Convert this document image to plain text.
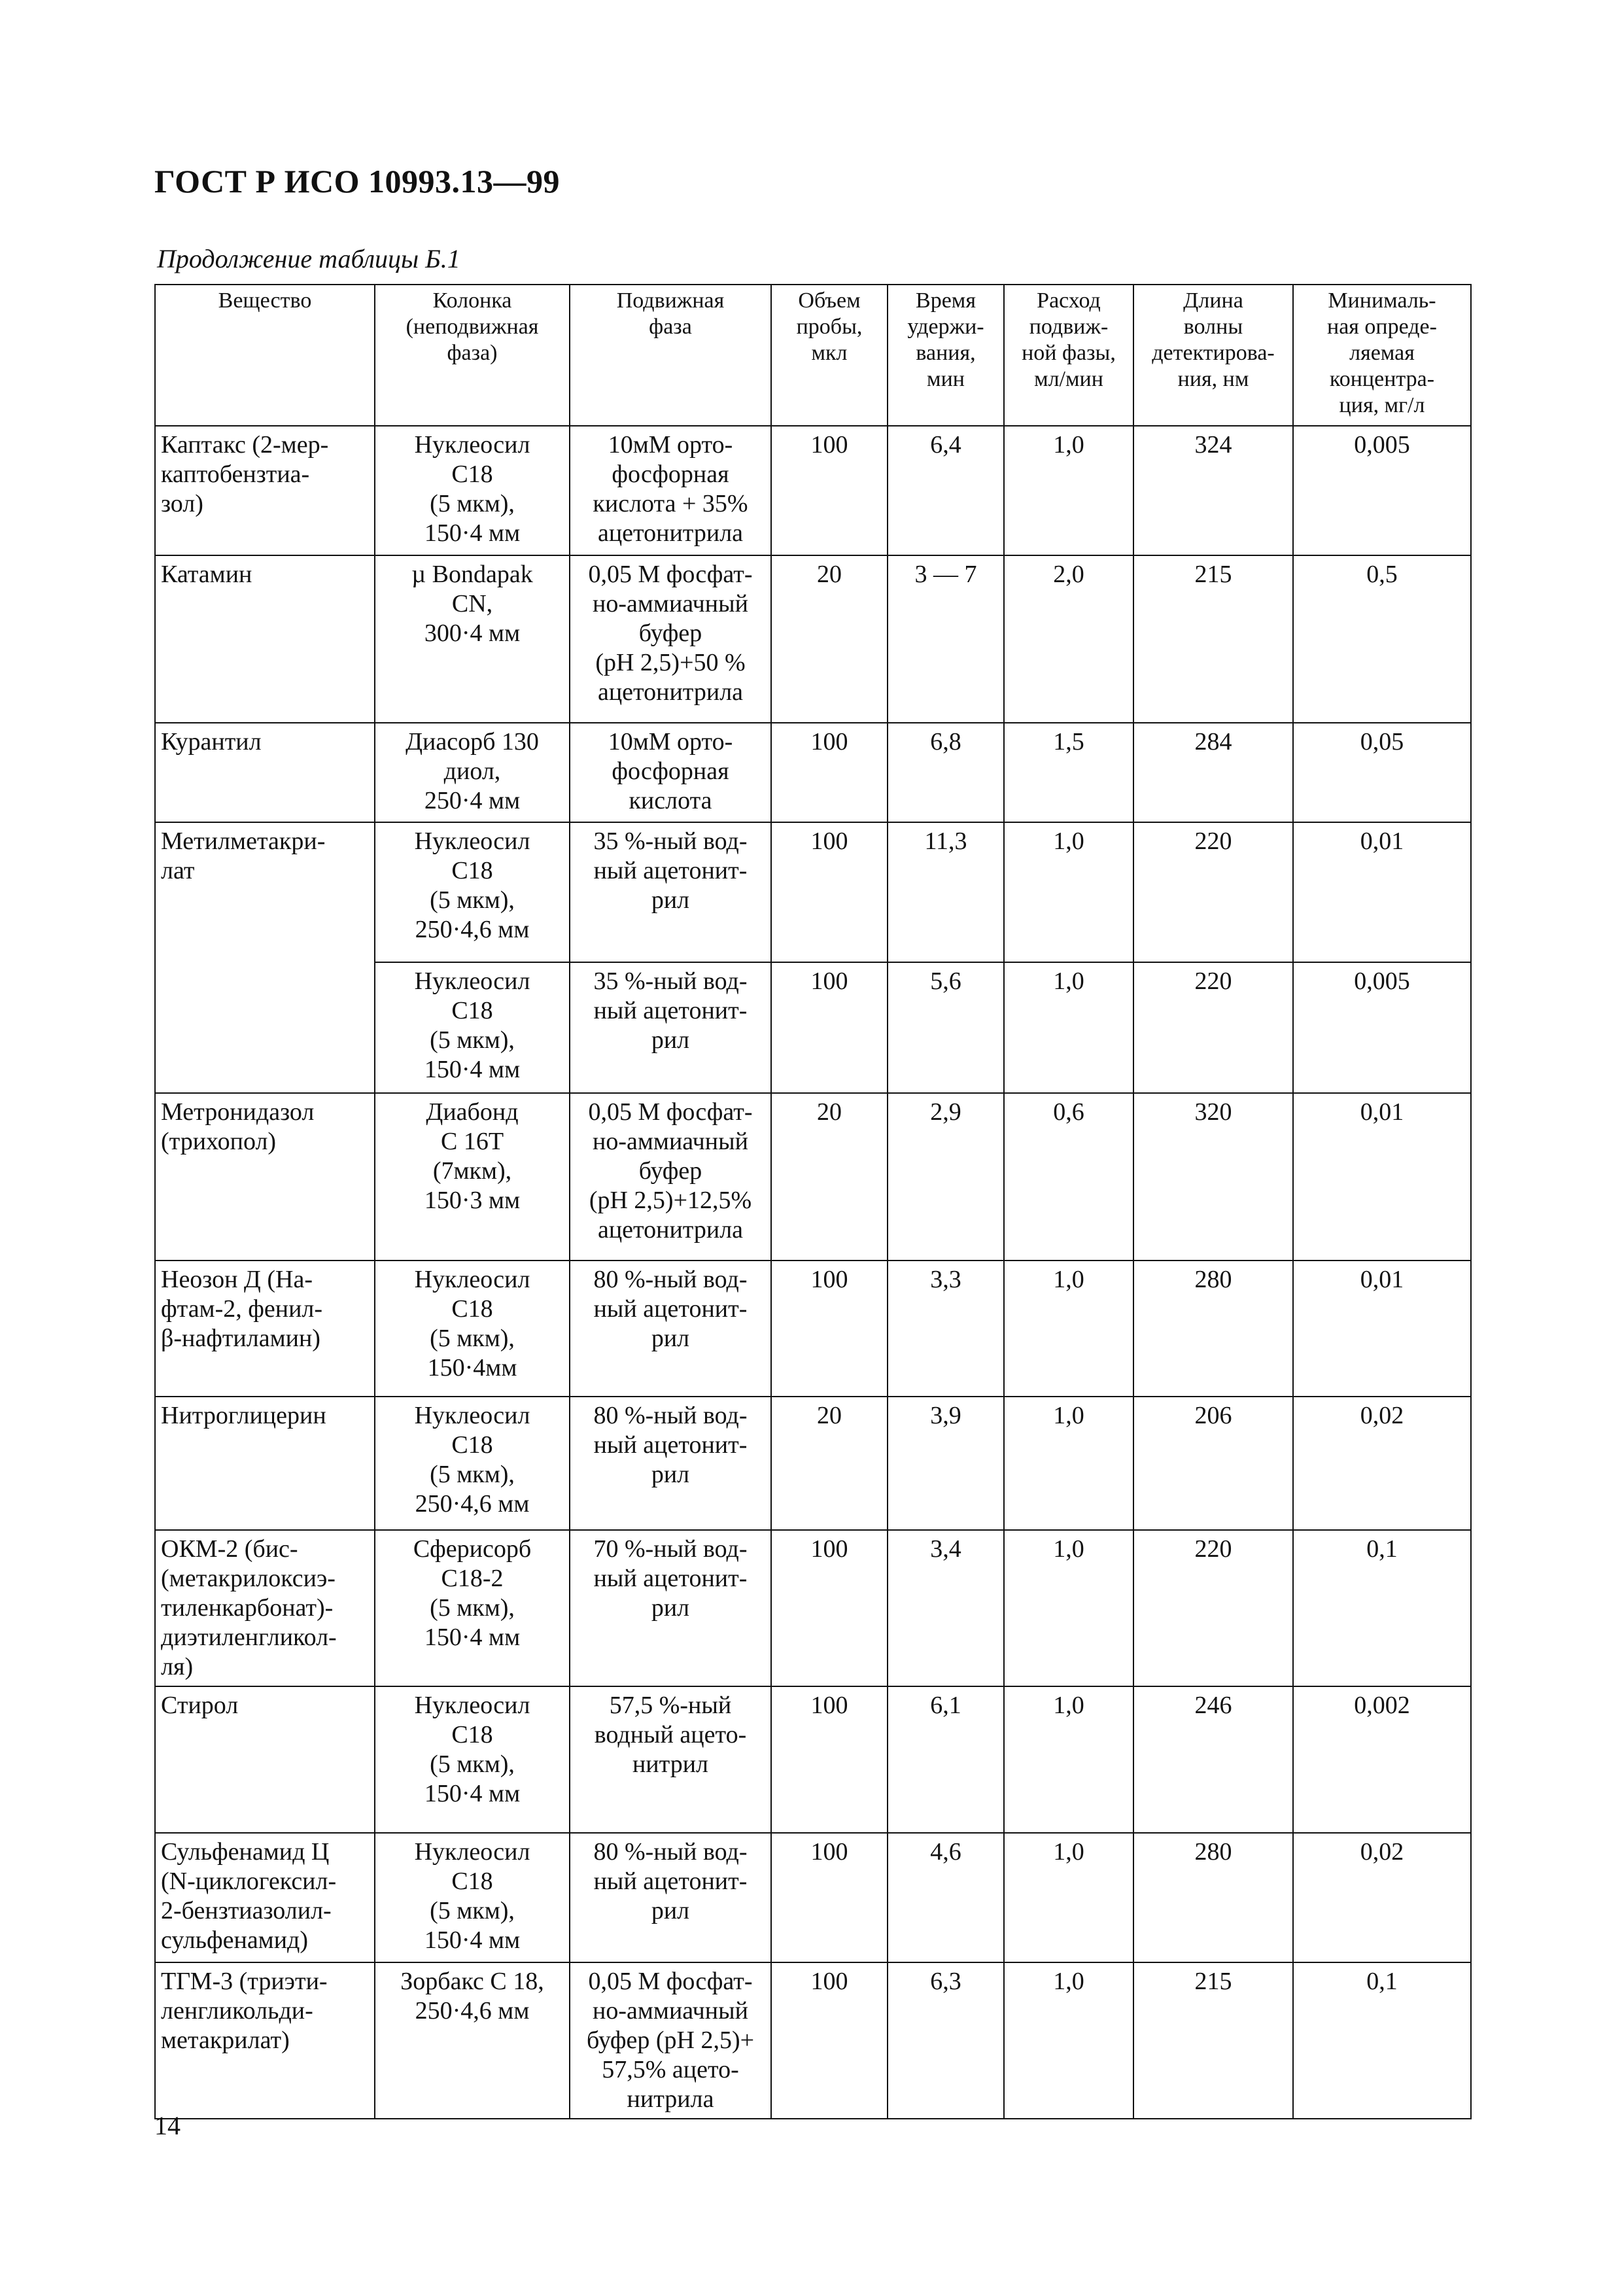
ГОСТ Р ИСО 10993.13—99
Продолжение таблицы Б.1
Вещество	Колонка
(неподвижная
фаза)	Подвижная
фаза	Объем
пробы,
мкл	Время
удержи-
вания,
мин	Расход
подвиж-
ной фазы,
мл/мин	Длина
волны
детектирова-
ния, нм	Минималь-
ная опреде-
ляемая
концентра-
ция, мг/л
Каптакс (2-мер-
каптобензтиа-
зол)	Нуклеосил
С18
(5 мкм),
150·4 мм	10мМ орто-
фосфорная
кислота + 35%
ацетонитрила	100	6,4	1,0	324	0,005
Катамин	µ Bondapak
CN,
300·4 мм	0,05 М фосфат-
но-аммиачный
буфер
(рН 2,5)+50 %
ацетонитрила	20	3 — 7	2,0	215	0,5
Курантил	Диасорб 130
диол,
250·4 мм	10мМ орто-
фосфорная
кислота	100	6,8	1,5	284	0,05
Метилметакри-
лат	Нуклеосил
С18
(5 мкм),
250·4,6 мм	35 %-ный вод-
ный ацетонит-
рил	100	11,3	1,0	220	0,01
	Нуклеосил
С18
(5 мкм),
150·4 мм	35 %-ный вод-
ный ацетонит-
рил	100	5,6	1,0	220	0,005
Метронидазол
(трихопол)	Диабонд
С 16Т
(7мкм),
150·3 мм	0,05 М фосфат-
но-аммиачный
буфер
(рН 2,5)+12,5%
ацетонитрила	20	2,9	0,6	320	0,01
Неозон Д (На-
фтам-2, фенил-
β-нафтиламин)	Нуклеосил
С18
(5 мкм),
150·4мм	80 %-ный вод-
ный ацетонит-
рил	100	3,3	1,0	280	0,01
Нитроглицерин	Нуклеосил
С18
(5 мкм),
250·4,6 мм	80 %-ный вод-
ный ацетонит-
рил	20	3,9	1,0	206	0,02
ОКМ-2 (бис-
(метакрилоксиэ-
тиленкарбонат)-
диэтиленгликол-
ля)	Сферисорб
С18-2
(5 мкм),
150·4 мм	70 %-ный вод-
ный ацетонит-
рил	100	3,4	1,0	220	0,1
Стирол	Нуклеосил
С18
(5 мкм),
150·4 мм	57,5 %-ный
водный ацето-
нитрил	100	6,1	1,0	246	0,002
Сульфенамид Ц
(N-циклогексил-
2-бензтиазолил-
сульфенамид)	Нуклеосил
С18
(5 мкм),
150·4 мм	80 %-ный вод-
ный ацетонит-
рил	100	4,6	1,0	280	0,02
ТГМ-3 (триэти-
ленгликольди-
метакрилат)	Зорбакс С 18,
250·4,6 мм	0,05 М фосфат-
но-аммиачный
буфер (рН 2,5)+
57,5% ацето-
нитрила	100	6,3	1,0	215	0,1
14
